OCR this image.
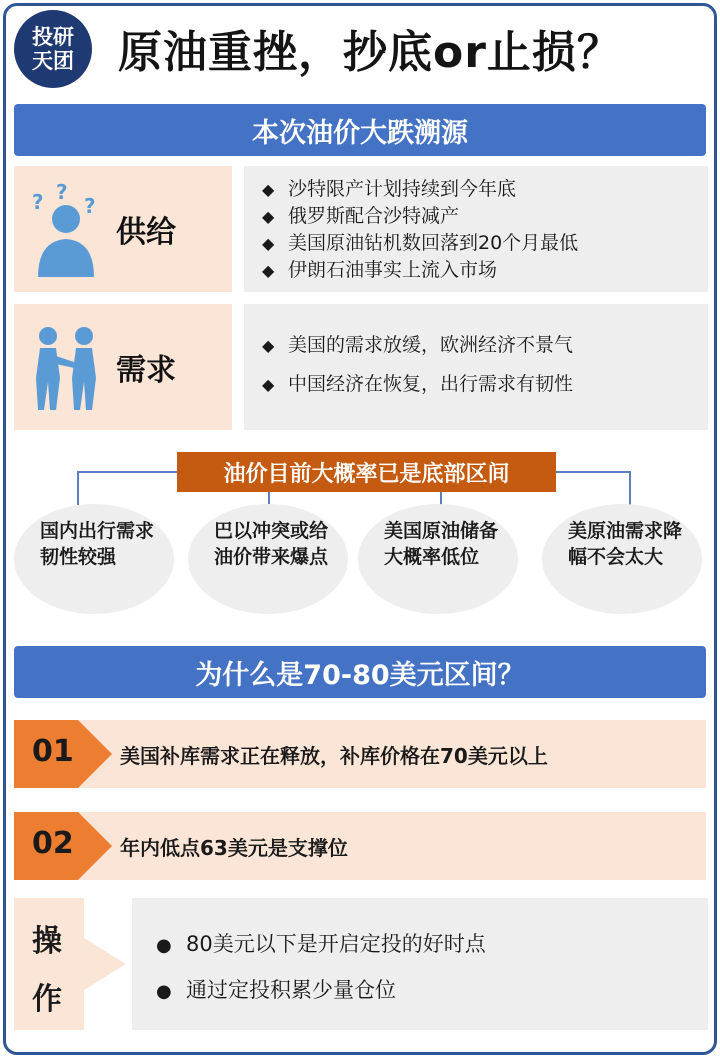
投研
天团 原油重挫，抄底or止损？
本次油价大跌溯源
? ?
?
供给
◆ 沙特限产计划持续到今年底
◆ 俄罗斯配合沙特减产
◆ 美国原油钻机数回落到20个月最低
◆ 伊朗石油事实上流入市场
需求
◆ 美国的需求放缓，欧洲经济不景气
◆ 中国经济在恢复，出行需求有韧性
油价目前大概率已是底部区间
国内出行需求韧性较强
巴以冲突或给油价带来爆点
美国原油储备大概率低位
美原油需求降幅不会太大
为什么是70-80美元区间？
01 美国补库需求正在释放，补库价格在70美元以上
02 年内低点63美元是支撑位
操
作
● 80美元以下是开启定投的好时点
● 通过定投积累少量仓位
